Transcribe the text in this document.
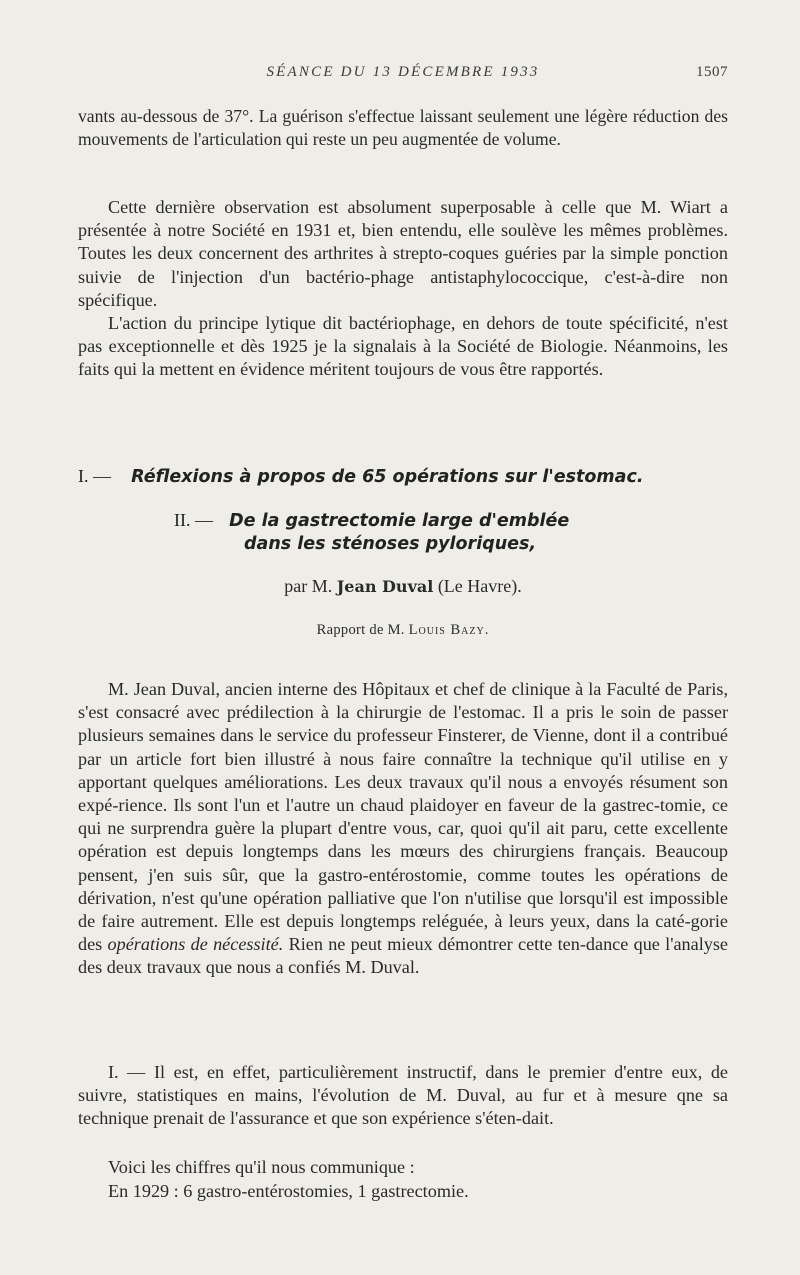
SÉANCE DU 13 DÉCEMBRE 1933	1507

vants au-dessous de 37°. La guérison s'effectue laissant seulement une légère réduction des mouvements de l'articulation qui reste un peu augmentée de volume.

Cette dernière observation est absolument superposable à celle que M. Wiart a présentée à notre Société en 1931 et, bien entendu, elle soulève les mêmes problèmes. Toutes les deux concernent des arthrites à strepto-coques guéries par la simple ponction suivie de l'injection d'un bactério-phage antistaphylococcique, c'est-à-dire non spécifique.

L'action du principe lytique dit bactériophage, en dehors de toute spécificité, n'est pas exceptionnelle et dès 1925 je la signalais à la Société de Biologie. Néanmoins, les faits qui la mettent en évidence méritent toujours de vous être rapportés.

I. — Réflexions à propos de 65 opérations sur l'estomac.
II. — De la gastrectomie large d'emblée
dans les sténoses pyloriques,
par M. Jean Duval (Le Havre).
Rapport de M. Louis Bazy.

M. Jean Duval, ancien interne des Hôpitaux et chef de clinique à la Faculté de Paris, s'est consacré avec prédilection à la chirurgie de l'estomac. Il a pris le soin de passer plusieurs semaines dans le service du professeur Finsterer, de Vienne, dont il a contribué par un article fort bien illustré à nous faire connaître la technique qu'il utilise en y apportant quelques améliorations. Les deux travaux qu'il nous a envoyés résument son expé-rience. Ils sont l'un et l'autre un chaud plaidoyer en faveur de la gastrec-tomie, ce qui ne surprendra guère la plupart d'entre vous, car, quoi qu'il ait paru, cette excellente opération est depuis longtemps dans les mœurs des chirurgiens français. Beaucoup pensent, j'en suis sûr, que la gastro-entérostomie, comme toutes les opérations de dérivation, n'est qu'une opération palliative que l'on n'utilise que lorsqu'il est impossible de faire autrement. Elle est depuis longtemps reléguée, à leurs yeux, dans la caté-gorie des opérations de nécessité. Rien ne peut mieux démontrer cette ten-dance que l'analyse des deux travaux que nous a confiés M. Duval.

I. — Il est, en effet, particulièrement instructif, dans le premier d'entre eux, de suivre, statistiques en mains, l'évolution de M. Duval, au fur et à mesure qne sa technique prenait de l'assurance et que son expérience s'éten-dait.

Voici les chiffres qu'il nous communique :

En 1929 : 6 gastro-entérostomies, 1 gastrectomie.
